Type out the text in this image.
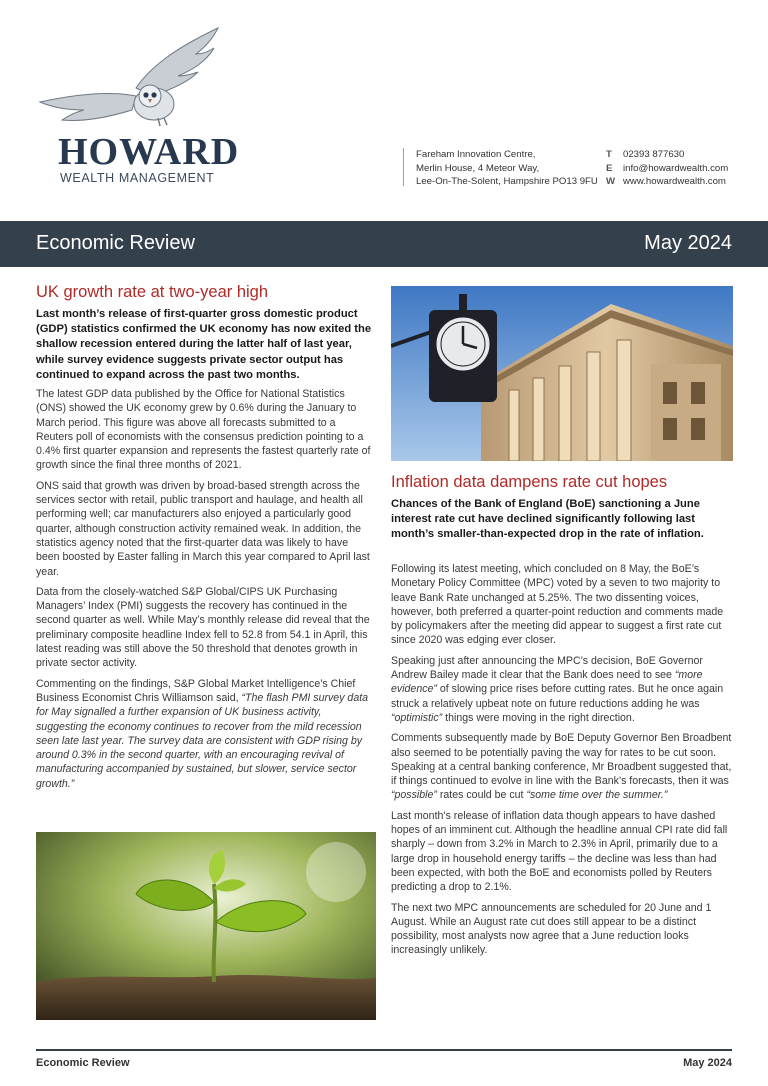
HOWARD
WEALTH MANAGEMENT
Fareham Innovation Centre,
Merlin House, 4 Meteor Way,
Lee-On-The-Solent, Hampshire PO13 9FU
T 02393 877630
E info@howardwealth.com
W www.howardwealth.com
Economic Review	May 2024
UK growth rate at two-year high

Last month’s release of first-quarter gross domestic product (GDP) statistics confirmed the UK economy has now exited the shallow recession entered during the latter half of last year, while survey evidence suggests private sector output has continued to expand across the past two months.

The latest GDP data published by the Office for National Statistics (ONS) showed the UK economy grew by 0.6% during the January to March period. This figure was above all forecasts submitted to a Reuters poll of economists with the consensus prediction pointing to a 0.4% first quarter expansion and represents the fastest quarterly rate of growth since the final three months of 2021.

ONS said that growth was driven by broad-based strength across the services sector with retail, public transport and haulage, and health all performing well; car manufacturers also enjoyed a particularly good quarter, although construction activity remained weak. In addition, the statistics agency noted that the first-quarter data was likely to have been boosted by Easter falling in March this year compared to April last year.

Data from the closely-watched S&P Global/CIPS UK Purchasing Managers’ Index (PMI) suggests the recovery has continued in the second quarter as well. While May’s monthly release did reveal that the preliminary composite headline Index fell to 52.8 from 54.1 in April, this latest reading was still above the 50 threshold that denotes growth in private sector activity.

Commenting on the findings, S&P Global Market Intelligence’s Chief Business Economist Chris Williamson said, “The flash PMI survey data for May signalled a further expansion of UK business activity, suggesting the economy continues to recover from the mild recession seen late last year. The survey data are consistent with GDP rising by around 0.3% in the second quarter, with an encouraging revival of manufacturing accompanied by sustained, but slower, service sector growth.”

Inflation data dampens rate cut hopes

Chances of the Bank of England (BoE) sanctioning a June interest rate cut have declined significantly following last month’s smaller-than-expected drop in the rate of inflation.

Following its latest meeting, which concluded on 8 May, the BoE’s Monetary Policy Committee (MPC) voted by a seven to two majority to leave Bank Rate unchanged at 5.25%. The two dissenting voices, however, both preferred a quarter-point reduction and comments made by policymakers after the meeting did appear to suggest a first rate cut since 2020 was edging ever closer.

Speaking just after announcing the MPC’s decision, BoE Governor Andrew Bailey made it clear that the Bank does need to see “more evidence” of slowing price rises before cutting rates. But he once again struck a relatively upbeat note on future reductions adding he was “optimistic” things were moving in the right direction.

Comments subsequently made by BoE Deputy Governor Ben Broadbent also seemed to be potentially paving the way for rates to be cut soon. Speaking at a central banking conference, Mr Broadbent suggested that, if things continued to evolve in line with the Bank’s forecasts, then it was “possible” rates could be cut “some time over the summer.”

Last month’s release of inflation data though appears to have dashed hopes of an imminent cut. Although the headline annual CPI rate did fall sharply – down from 3.2% in March to 2.3% in April, primarily due to a large drop in household energy tariffs – the decline was less than had been expected, with both the BoE and economists polled by Reuters predicting a drop to 2.1%.

The next two MPC announcements are scheduled for 20 June and 1 August. While an August rate cut does still appear to be a distinct possibility, most analysts now agree that a June reduction looks increasingly unlikely.

Economic Review	May 2024
